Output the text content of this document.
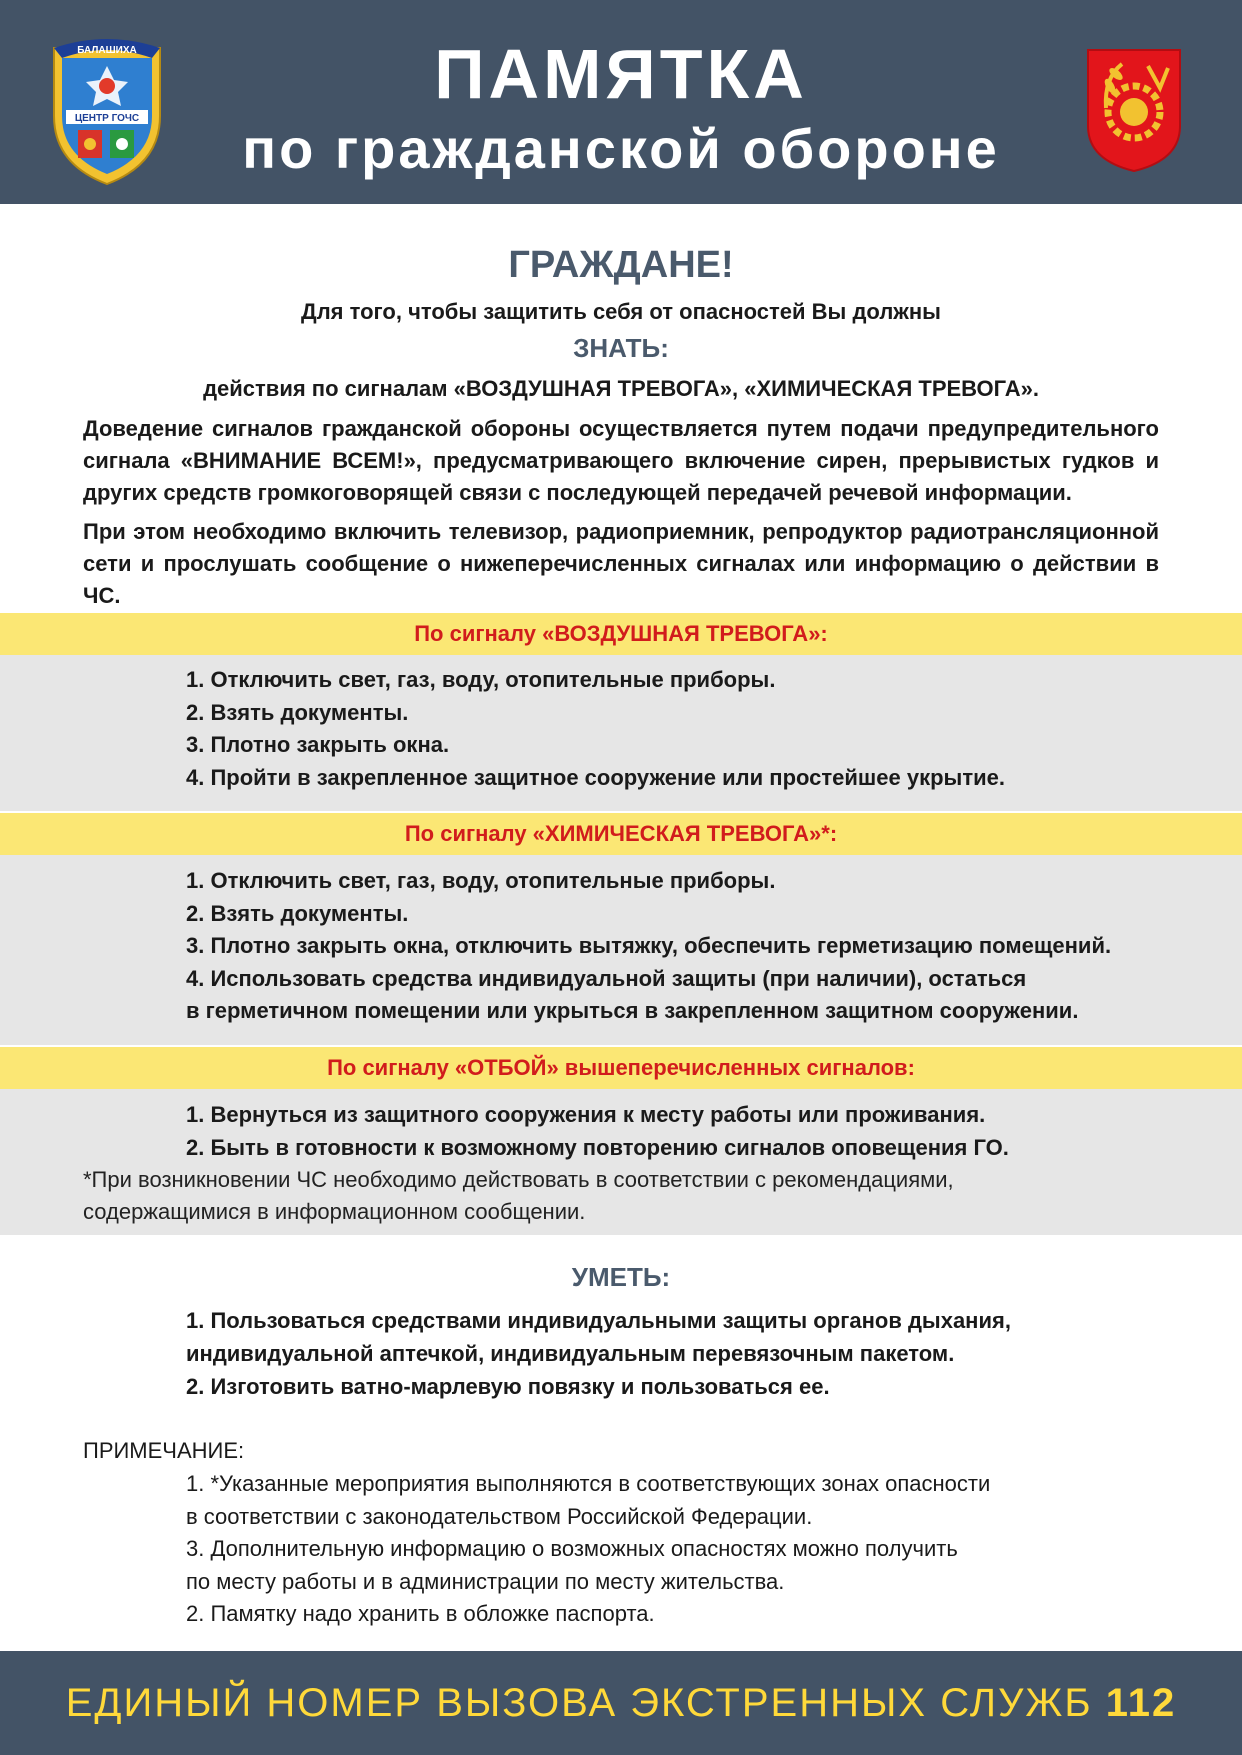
БАЛАШИХА
ЦЕНТР ГОЧС
ПАМЯТКА
по гражданской обороне
ГРАЖДАНЕ!
Для того, чтобы защитить себя от опасностей Вы должны
ЗНАТЬ:
действия по сигналам «ВОЗДУШНАЯ ТРЕВОГА», «ХИМИЧЕСКАЯ ТРЕВОГА».
Доведение сигналов гражданской обороны осуществляется путем подачи предупредительного сигнала «ВНИМАНИЕ ВСЕМ!», предусматривающего включение сирен, прерывистых гудков и других средств громкоговорящей связи с последующей передачей речевой информации.
При этом необходимо включить телевизор, радиоприемник, репродуктор радиотрансляционной сети и прослушать сообщение о нижеперечисленных сигналах или информацию о действии в ЧС.
По сигналу «ВОЗДУШНАЯ ТРЕВОГА»:
1. Отключить свет, газ, воду, отопительные приборы.
2. Взять документы.
3. Плотно закрыть окна.
4. Пройти в закрепленное защитное сооружение или простейшее укрытие.
По сигналу «ХИМИЧЕСКАЯ ТРЕВОГА»*:
1. Отключить свет, газ, воду, отопительные приборы.
2. Взять документы.
3. Плотно закрыть окна, отключить вытяжку, обеспечить герметизацию помещений.
4. Использовать средства индивидуальной защиты (при наличии), остаться
в герметичном помещении или укрыться в закрепленном защитном сооружении.
По сигналу «ОТБОЙ» вышеперечисленных сигналов:
1. Вернуться из защитного сооружения к месту работы или проживания.
2. Быть в готовности к возможному повторению сигналов оповещения ГО.
*При возникновении ЧС необходимо действовать в соответствии с рекомендациями,
содержащимися в информационном сообщении.
УМЕТЬ:
1. Пользоваться средствами индивидуальными защиты органов дыхания,
индивидуальной аптечкой, индивидуальным перевязочным пакетом.
2. Изготовить ватно-марлевую повязку и пользоваться ее.
ПРИМЕЧАНИЕ:
1. *Указанные мероприятия выполняются в соответствующих зонах опасности
в соответствии с законодательством Российской Федерации.
3. Дополнительную информацию о возможных опасностях можно получить
по месту работы и в администрации по месту жительства.
2. Памятку надо хранить в обложке паспорта.
ЕДИНЫЙ НОМЕР ВЫЗОВА ЭКСТРЕННЫХ СЛУЖБ 112
